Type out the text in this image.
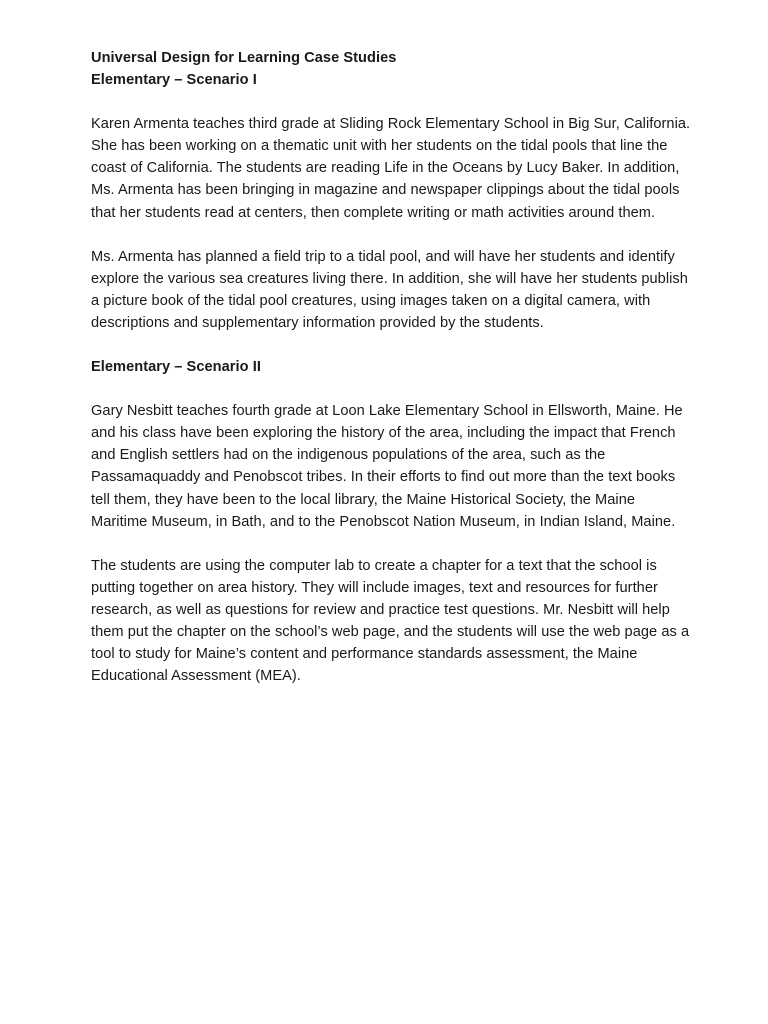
Universal Design for Learning Case Studies

Elementary – Scenario I

Karen Armenta teaches third grade at Sliding Rock Elementary School in Big Sur, California. She has been working on a thematic unit with her students on the tidal pools that line the coast of California. The students are reading Life in the Oceans by Lucy Baker. In addition, Ms. Armenta has been bringing in magazine and newspaper clippings about the tidal pools that her students read at centers, then complete writing or math activities around them.

Ms. Armenta has planned a field trip to a tidal pool, and will have her students and identify explore the various sea creatures living there. In addition, she will have her students publish a picture book of the tidal pool creatures, using images taken on a digital camera, with descriptions and supplementary information provided by the students.

Elementary – Scenario II

Gary Nesbitt teaches fourth grade at Loon Lake Elementary School in Ellsworth, Maine. He and his class have been exploring the history of the area, including the impact that French and English settlers had on the indigenous populations of the area, such as the Passamaquaddy and Penobscot tribes. In their efforts to find out more than the text books tell them, they have been to the local library, the Maine Historical Society, the Maine Maritime Museum, in Bath, and to the Penobscot Nation Museum, in Indian Island, Maine.

The students are using the computer lab to create a chapter for a text that the school is putting together on area history. They will include images, text and resources for further research, as well as questions for review and practice test questions. Mr. Nesbitt will help them put the chapter on the school’s web page, and the students will use the web page as a tool to study for Maine’s content and performance standards assessment, the Maine Educational Assessment (MEA).
